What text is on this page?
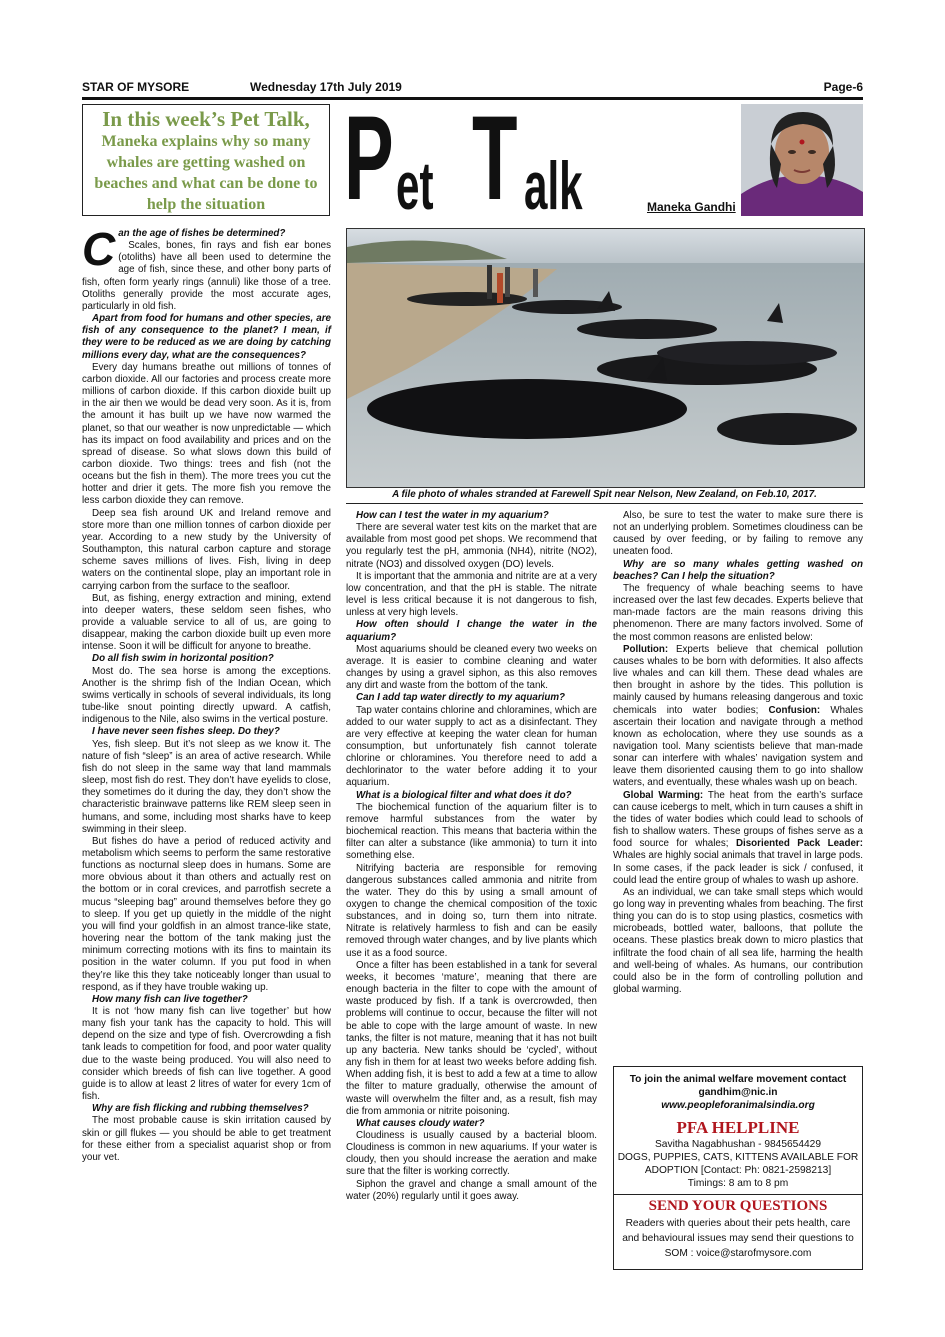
STAR OF MYSORE	Wednesday 17th July 2019	Page-6
In this week’s Pet Talk,
Maneka explains why so many whales are getting washed on beaches and what can be done to help the situation P et T alk	Maneka Gandhi

Can the age of fishes be determined?

Scales, bones, fin rays and fish ear bones (otoliths) have all been used to determine the age of fish, since these, and other bony parts of fish, often form yearly rings (annuli) like those of a tree. Otoliths generally provide the most accurate ages, particularly in old fish.

Apart from food for humans and other species, are fish of any consequence to the planet? I mean, if they were to be reduced as we are doing by catching millions every day, what are the consequences?

Every day humans breathe out millions of tonnes of carbon dioxide. All our factories and process create more millions of carbon dioxide. If this carbon dioxide built up in the air then we would be dead very soon. As it is, from the amount it has built up we have now warmed the planet, so that our weather is now unpredictable — which has its impact on food availability and prices and on the spread of disease. So what slows down this build of carbon dioxide. Two things: trees and fish (not the oceans but the fish in them). The more trees you cut the hotter and drier it gets. The more fish you remove the less carbon dioxide they can remove.

Deep sea fish around UK and Ireland remove and store more than one million tonnes of carbon dioxide per year. According to a new study by the University of Southampton, this natural carbon capture and storage scheme saves millions of lives. Fish, living in deep waters on the continental slope, play an important role in carrying carbon from the surface to the seafloor.

But, as fishing, energy extraction and mining, extend into deeper waters, these seldom seen fishes, who provide a valuable service to all of us, are going to disappear, making the carbon dioxide built up even more intense. Soon it will be difficult for anyone to breathe.

Do all fish swim in horizontal position?

Most do. The sea horse is among the exceptions. Another is the shrimp fish of the Indian Ocean, which swims vertically in schools of several individuals, its long tube-like snout pointing directly upward. A catfish, indigenous to the Nile, also swims in the vertical posture.

I have never seen fishes sleep. Do they?

Yes, fish sleep. But it’s not sleep as we know it. The nature of fish “sleep” is an area of active research. While fish do not sleep in the same way that land mammals sleep, most fish do rest. They don’t have eyelids to close, they sometimes do it during the day, they don’t show the characteristic brainwave patterns like REM sleep seen in humans, and some, including most sharks have to keep swimming in their sleep.

But fishes do have a period of reduced activity and metabolism which seems to perform the same restorative functions as nocturnal sleep does in humans. Some are more obvious about it than others and actually rest on the bottom or in coral crevices, and parrotfish secrete a mucus “sleeping bag” around themselves before they go to sleep. If you get up quietly in the middle of the night you will find your goldfish in an almost trance-like state, hovering near the bottom of the tank making just the minimum correcting motions with its fins to maintain its position in the water column. If you put food in when they’re like this they take noticeably longer than usual to respond, as if they have trouble waking up.

How many fish can live together?

It is not ‘how many fish can live together’ but how many fish your tank has the capacity to hold. This will depend on the size and type of fish. Overcrowding a fish tank leads to competition for food, and poor water quality due to the waste being produced. You will also need to consider which breeds of fish can live together. A good guide is to allow at least 2 litres of water for every 1cm of fish.

Why are fish flicking and rubbing themselves?

The most probable cause is skin irritation caused by skin or gill flukes — you should be able to get treatment for these either from a specialist aquarist shop or from your vet.

A file photo of whales stranded at Farewell Spit near Nelson, New Zealand, on Feb.10, 2017.

How can I test the water in my aquarium?

There are several water test kits on the market that are available from most good pet shops. We recommend that you regularly test the pH, ammonia (NH4), nitrite (NO2), nitrate (NO3) and dissolved oxygen (DO) levels.

It is important that the ammonia and nitrite are at a very low concentration, and that the pH is stable. The nitrate level is less critical because it is not dangerous to fish, unless at very high levels.

How often should I change the water in the aquarium?

Most aquariums should be cleaned every two weeks on average. It is easier to combine cleaning and water changes by using a gravel siphon, as this also removes any dirt and waste from the bottom of the tank.

Can I add tap water directly to my aquarium?

Tap water contains chlorine and chloramines, which are added to our water supply to act as a disinfectant. They are very effective at keeping the water clean for human consumption, but unfortunately fish cannot tolerate chlorine or chloramines. You therefore need to add a dechlorinator to the water before adding it to your aquarium.

What is a biological filter and what does it do?

The biochemical function of the aquarium filter is to remove harmful substances from the water by biochemical reaction. This means that bacteria within the filter can alter a substance (like ammonia) to turn it into something else.

Nitrifying bacteria are responsible for removing dangerous substances called ammonia and nitrite from the water. They do this by using a small amount of oxygen to change the chemical composition of the toxic substances, and in doing so, turn them into nitrate. Nitrate is relatively harmless to fish and can be easily removed through water changes, and by live plants which use it as a food source.

Once a filter has been established in a tank for several weeks, it becomes ‘mature’, meaning that there are enough bacteria in the filter to cope with the amount of waste produced by fish. If a tank is overcrowded, then problems will continue to occur, because the filter will not be able to cope with the large amount of waste. In new tanks, the filter is not mature, meaning that it has not built up any bacteria. New tanks should be ‘cycled’, without any fish in them for at least two weeks before adding fish. When adding fish, it is best to add a few at a time to allow the filter to mature gradually, otherwise the amount of waste will overwhelm the filter and, as a result, fish may die from ammonia or nitrite poisoning.

What causes cloudy water?

Cloudiness is usually caused by a bacterial bloom. Cloudiness is common in new aquariums. If your water is cloudy, then you should increase the aeration and make sure that the filter is working correctly.

Siphon the gravel and change a small amount of the water (20%) regularly until it goes away.

Also, be sure to test the water to make sure there is not an underlying problem. Sometimes cloudiness can be caused by over feeding, or by failing to remove any uneaten food.

Why are so many whales getting washed on beaches? Can I help the situation?

The frequency of whale beaching seems to have increased over the last few decades. Experts believe that man-made factors are the main reasons driving this phenomenon. There are many factors involved. Some of the most common reasons are enlisted below:

Pollution: Experts believe that chemical pollution causes whales to be born with deformities. It also affects live whales and can kill them. These dead whales are then brought in ashore by the tides. This pollution is mainly caused by humans releasing dangerous and toxic chemicals into water bodies; Confusion: Whales ascertain their location and navigate through a method known as echolocation, where they use sounds as a navigation tool. Many scientists believe that man-made sonar can interfere with whales’ navigation system and leave them disoriented causing them to go into shallow waters, and eventually, these whales wash up on beach.

Global Warming: The heat from the earth’s surface can cause icebergs to melt, which in turn causes a shift in the tides of water bodies which could lead to schools of fish to shallow waters. These groups of fishes serve as a food source for whales; Disoriented Pack Leader: Whales are highly social animals that travel in large pods. In some cases, if the pack leader is sick / confused, it could lead the entire group of whales to wash up ashore.

As an individual, we can take small steps which would go long way in preventing whales from beaching. The first thing you can do is to stop using plastics, cosmetics with microbeads, bottled water, balloons, that pollute the oceans. These plastics break down to micro plastics that infiltrate the food chain of all sea life, harming the health and well-being of whales. As humans, our contribution could also be in the form of controlling pollution and global warming.

To join the animal welfare movement contact
gandhim@nic.in
www.peopleforanimalsindia.org
PFA HELPLINE
Savitha Nagabhushan - 9845654429
DOGS, PUPPIES, CATS, KITTENS AVAILABLE FOR ADOPTION [Contact: Ph: 0821-2598213]
Timings: 8 am to 8 pm
SEND YOUR QUESTIONS
Readers with queries about their pets health, care and behavioural issues may send their questions to SOM : voice@starofmysore.com
